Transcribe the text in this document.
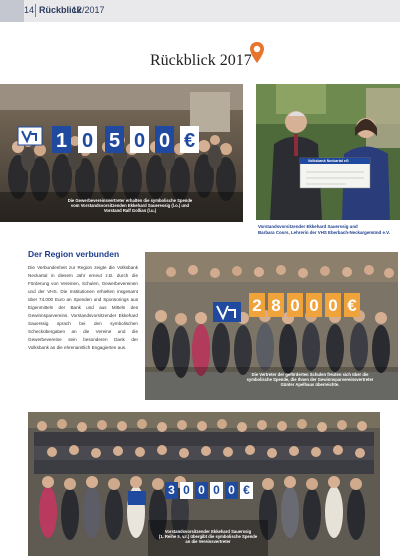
14 Rückblick
12/2017
Rückblick 2017
1 0 5 0 0 €
Die Gewerbevereinsvertreter erhalten die symbolische Spende
vom Vorstandsvorsitzenden Ekkehard Saueressig (l.o.) und
Vorstand Ralf Gollian (l.u.)
Volksbank Neckartal eG
Vorstandsvorsitzender Ekkehard Sauerssig und
Barbara Coors, Lehrerin der VHS Eberbach-Neckargemünd e.V.
Der Region verbunden
Die Verbundenheit zur Region zeigte die Volksbank Neckartal in diesem Jahr erneut z.B. durch die Förderung von Vereinen, Schulen, Gewerbevereinen und der VHS. Die Institutionen erhielten insgesamt über 74.000 Euro an Spenden und Sponsorings aus Eigenmitteln der Bank und aus Mitteln des Gewinnsparvereins. Vorstandsvorsitzender Ekkehard Sauerssig sprach bei den symbolischen Scheckübergaben an die Vereine und die Gewerbevereine sein besonderen Dank der Volksbank an die ehrenamtlich Engagierten aus.
2 8 0 0 0 €
Die Vertreter der geförderten Schulen freuten sich über die
symbolische Spende, die Ihnen der Gewinnsparvereinsvertreter
Günter Apelhaus überreichte.
3 0 0 0 0 €
Vorstandsvorsitzender Ekkehard Sauerssig
(1. Reihe 5. v.r.) übergibt die symbolische Spende
an die Vereinsvertreter
